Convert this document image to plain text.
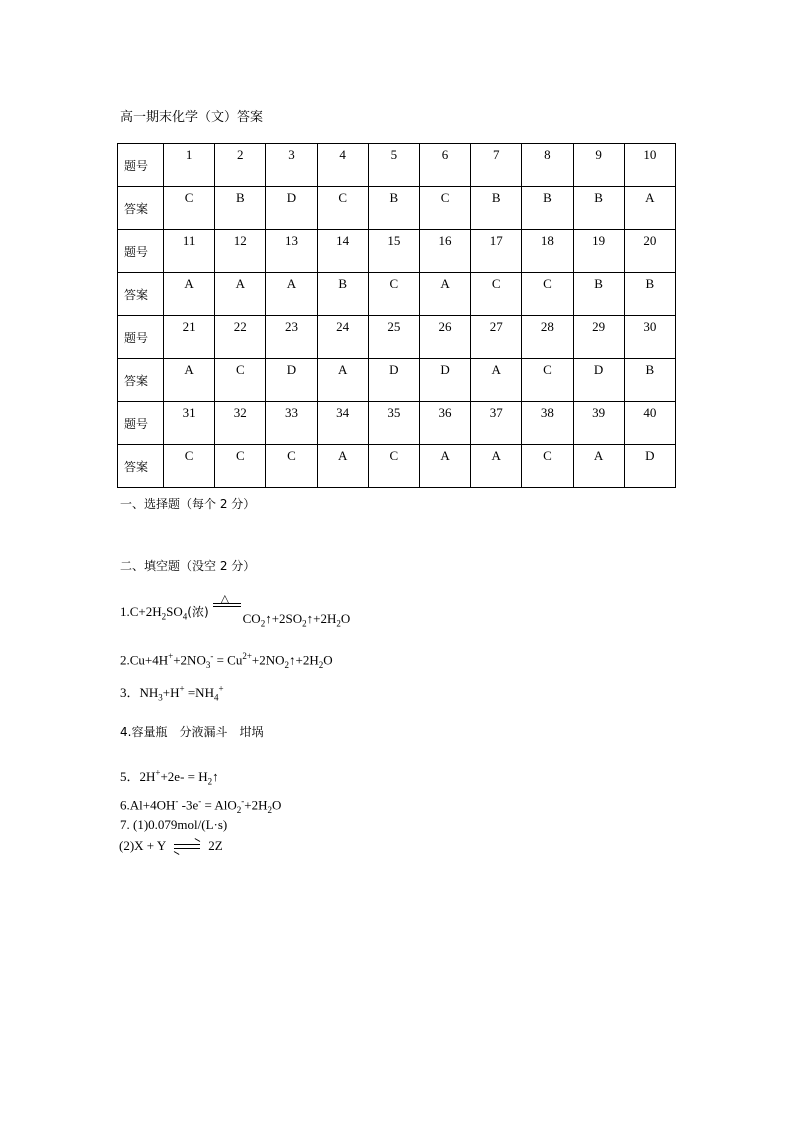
高一期末化学（文）答案
题号	1	2	3	4	5	6	7	8	9	10
答案	C	B	D	C	B	C	B	B	B	A
题号	11	12	13	14	15	16	17	18	19	20
答案	A	A	A	B	C	A	C	C	B	B
题号	21	22	23	24	25	26	27	28	29	30
答案	A	C	D	A	D	D	A	C	D	B
题号	31	32	33	34	35	36	37	38	39	40
答案	C	C	C	A	C	A	A	C	A	D
一、选择题（每个 2 分）
二、填空题（没空 2 分）
$1.C+2H_2SO_4$(浓)
△
$CO_2↑+2SO_2↑+2H_2O$
$2.Cu+4H^++2NO_3^-$ = $Cu^{2+}+2NO_2↑+2H_2O$
3．$NH_3+H^+ =NH_4^+$
4.容量瓶　分液漏斗　坩埚
5．$2H^++2e- = H_2↑$
6.Al+4OH- $-3e^- = AlO_2^-+2H_2O$
7. (1)0.079mol/(L·s)
(2)X + Y ⇌ 2Z
